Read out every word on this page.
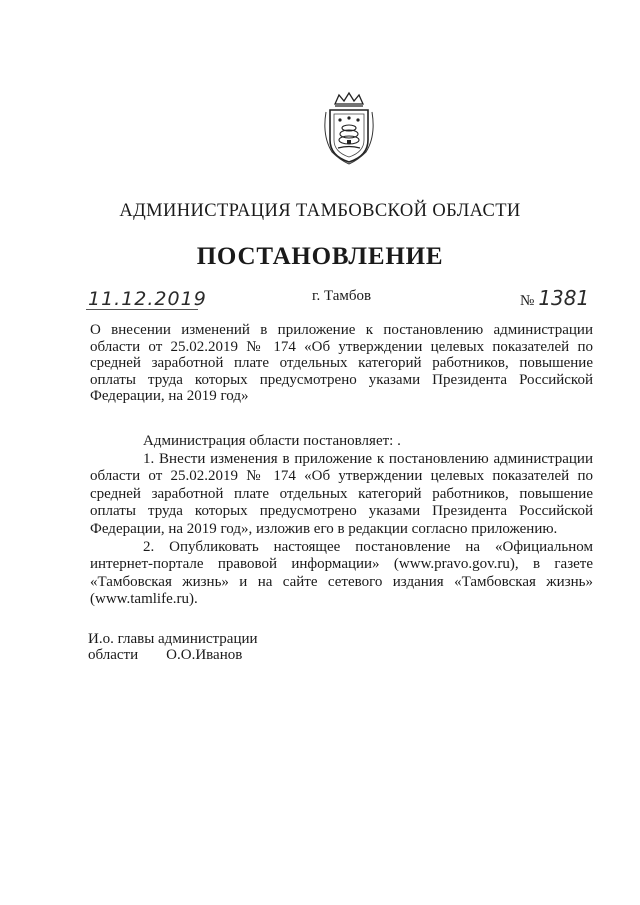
АДМИНИСТРАЦИЯ ТАМБОВСКОЙ ОБЛАСТИ
ПОСТАНОВЛЕНИЕ
11.12.2019	г. Тамбов	№ 1381
О внесении изменений в приложение к постановлению администрации области от 25.02.2019 № 174 «Об утверждении целевых показателей по средней заработной плате отдельных категорий работников, повышение оплаты труда которых предусмотрено указами Президента Российской Федерации, на 2019 год»

Администрация области постановляет: .

1. Внести изменения в приложение к постановлению администрации области от 25.02.2019 № 174 «Об утверждении целевых показателей по средней заработной плате отдельных категорий работников, повышение оплаты труда которых предусмотрено указами Президента Российской Федерации, на 2019 год», изложив его в редакции согласно приложению.

2. Опубликовать настоящее постановление на «Официальном интернет-портале правовой информации» (www.pravo.gov.ru), в газете «Тамбовская жизнь» и на сайте сетевого издания «Тамбовская жизнь» (www.tamlife.ru).

И.о. главы администрации
области О.О.Иванов
